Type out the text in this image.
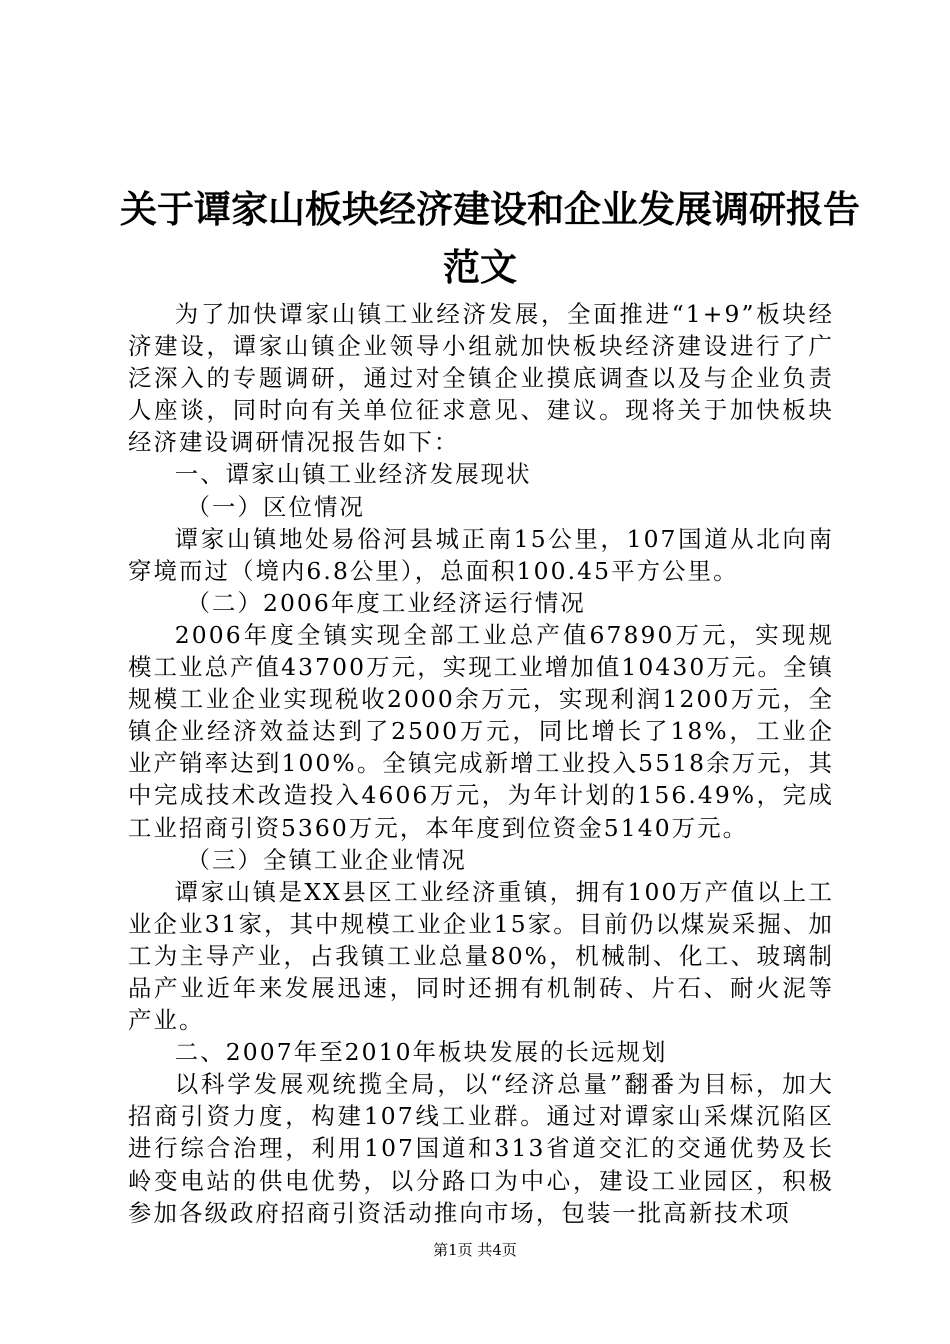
关于谭家山板块经济建设和企业发展调研报告
范文

为了加快谭家山镇工业经济发展，全面推进“1+9”板块经济建设，谭家山镇企业领导小组就加快板块经济建设进行了广泛深入的专题调研，通过对全镇企业摸底调查以及与企业负责人座谈，同时向有关单位征求意见、建议。现将关于加快板块经济建设调研情况报告如下：

一、谭家山镇工业经济发展现状

（一）区位情况

谭家山镇地处易俗河县城正南15公里，107国道从北向南穿境而过（境内6.8公里），总面积100.45平方公里。

（二）2006年度工业经济运行情况

2006年度全镇实现全部工业总产值67890万元，实现规模工业总产值43700万元，实现工业增加值10430万元。全镇规模工业企业实现税收2000余万元，实现利润1200万元，全镇企业经济效益达到了2500万元，同比增长了18%，工业企业产销率达到100%。全镇完成新增工业投入5518余万元，其中完成技术改造投入4606万元，为年计划的156.49%，完成工业招商引资5360万元，本年度到位资金5140万元。

（三）全镇工业企业情况

谭家山镇是XX县区工业经济重镇，拥有100万产值以上工业企业31家，其中规模工业企业15家。目前仍以煤炭采掘、加工为主导产业，占我镇工业总量80%，机械制、化工、玻璃制品产业近年来发展迅速，同时还拥有机制砖、片石、耐火泥等产业。

二、2007年至2010年板块发展的长远规划

以科学发展观统揽全局，以“经济总量”翻番为目标，加大招商引资力度，构建107线工业群。通过对谭家山采煤沉陷区进行综合治理，利用107国道和313省道交汇的交通优势及长岭变电站的供电优势，以分路口为中心，建设工业园区，积极参加各级政府招商引资活动推向市场，包装一批高新技术项

第1页 共4页
